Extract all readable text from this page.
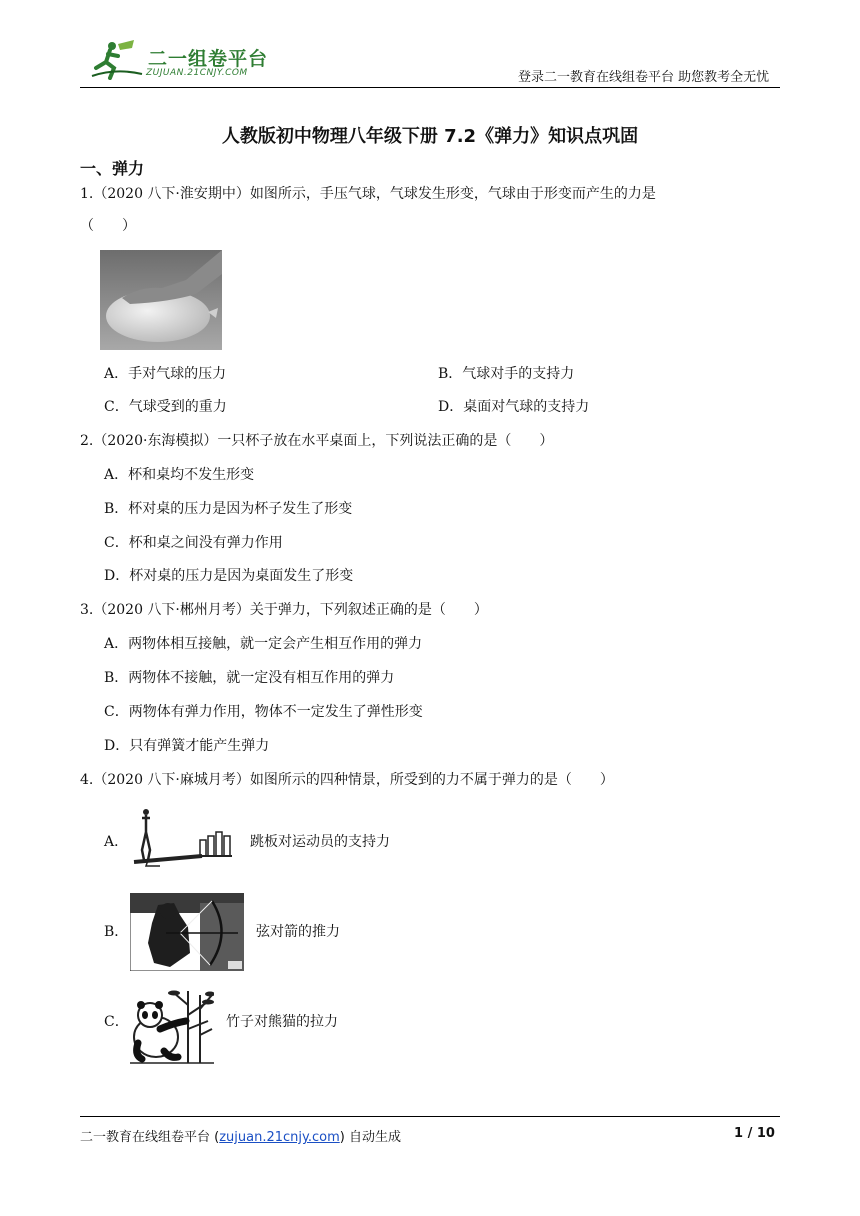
二一组卷平台
ZUJUAN.21CNJY.COM	登录二一教育在线组卷平台 助您教考全无忧
人教版初中物理八年级下册 7.2《弹力》知识点巩固
一、弹力
1.（2020 八下·淮安期中）如图所示，手压气球，气球发生形变，气球由于形变而产生的力是
（　　）
A．手对气球的压力	B．气球对手的支持力
C．气球受到的重力	D．桌面对气球的支持力
2.（2020·东海模拟）一只杯子放在水平桌面上，下列说法正确的是（　　）
A．杯和桌均不发生形变
B．杯对桌的压力是因为杯子发生了形变
C．杯和桌之间没有弹力作用
D．杯对桌的压力是因为桌面发生了形变
3.（2020 八下·郴州月考）关于弹力，下列叙述正确的是（　　）
A．两物体相互接触，就一定会产生相互作用的弹力
B．两物体不接触，就一定没有相互作用的弹力
C．两物体有弹力作用，物体不一定发生了弹性形变
D．只有弹簧才能产生弹力
4.（2020 八下·麻城月考）如图所示的四种情景，所受到的力不属于弹力的是（　　）
A．	跳板对运动员的支持力
B．	弦对箭的推力
C．	竹子对熊猫的拉力
二一教育在线组卷平台 (zujuan.21cnjy.com) 自动生成	1 / 10
